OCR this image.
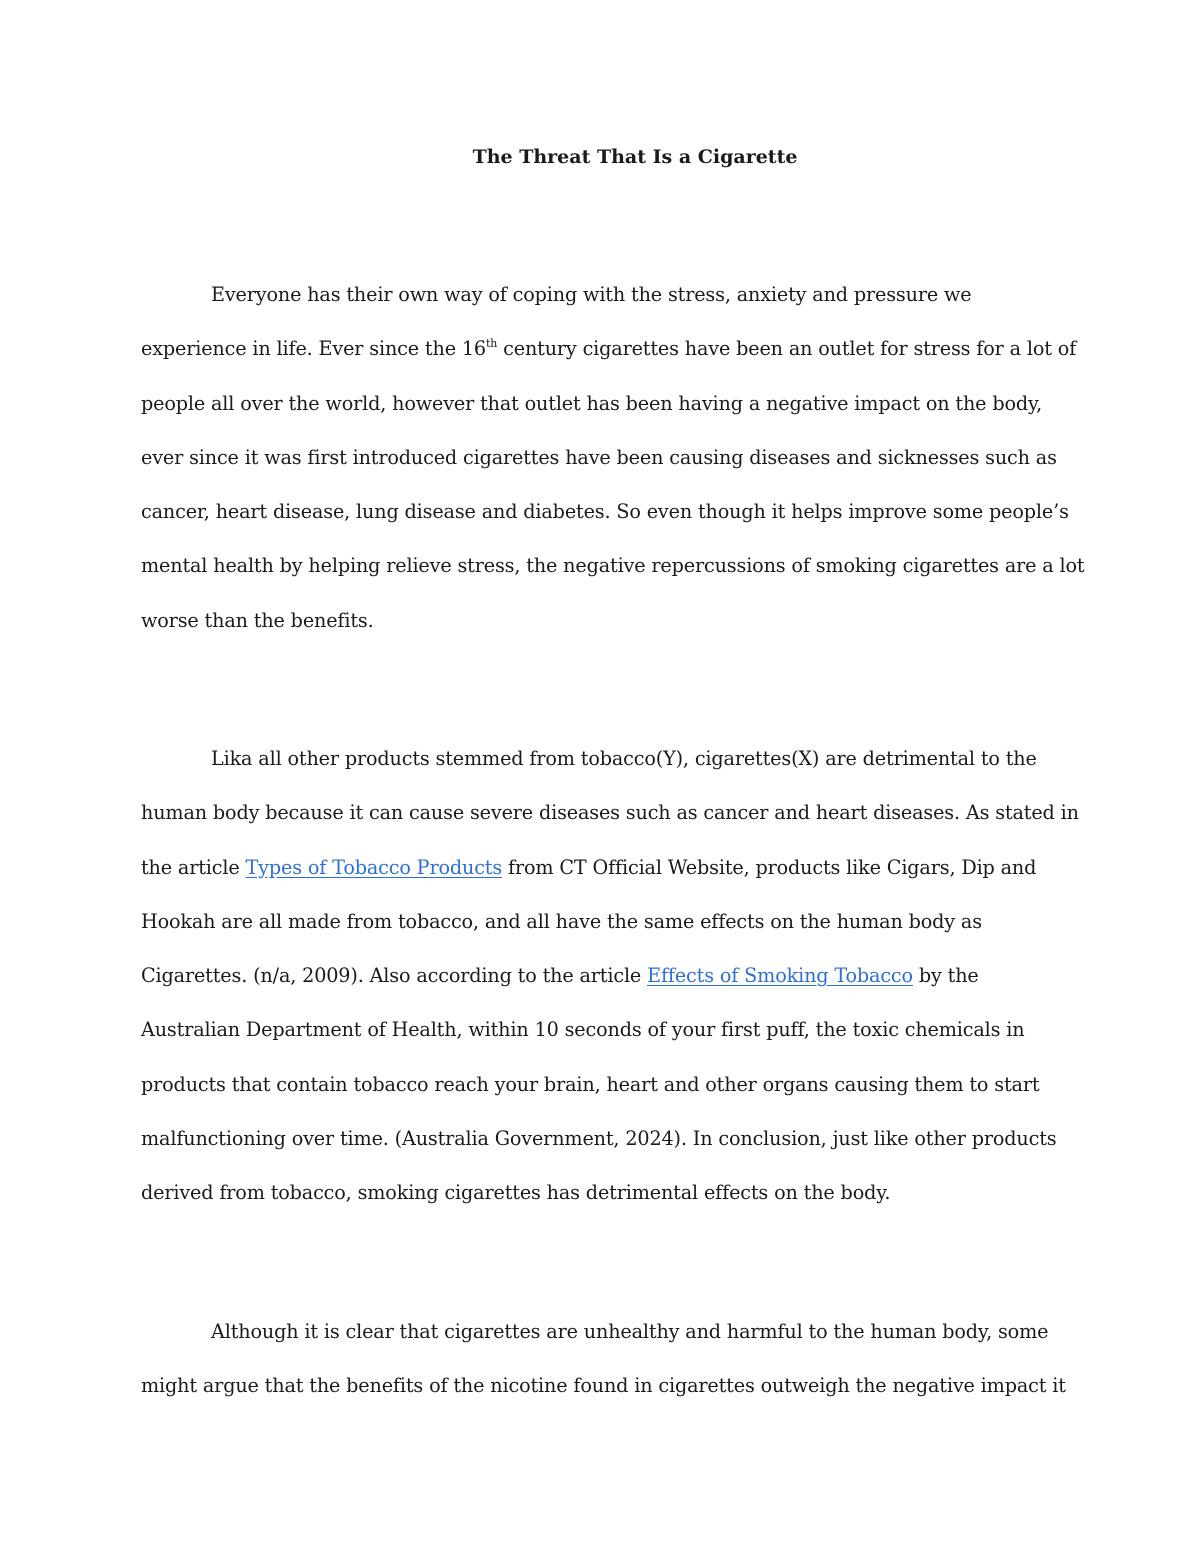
The Threat That Is a Cigarette

Everyone has their own way of coping with the stress, anxiety and pressure we
experience in life. Ever since the 16th century cigarettes have been an outlet for stress for a lot of
people all over the world, however that outlet has been having a negative impact on the body,
ever since it was first introduced cigarettes have been causing diseases and sicknesses such as
cancer, heart disease, lung disease and diabetes. So even though it helps improve some people’s
mental health by helping relieve stress, the negative repercussions of smoking cigarettes are a lot
worse than the benefits.

Lika all other products stemmed from tobacco(Y), cigarettes(X) are detrimental to the
human body because it can cause severe diseases such as cancer and heart diseases. As stated in
the article Types of Tobacco Products from CT Official Website, products like Cigars, Dip and
Hookah are all made from tobacco, and all have the same effects on the human body as
Cigarettes. (n/a, 2009). Also according to the article Effects of Smoking Tobacco by the
Australian Department of Health, within 10 seconds of your first puff, the toxic chemicals in
products that contain tobacco reach your brain, heart and other organs causing them to start
malfunctioning over time. (Australia Government, 2024). In conclusion, just like other products
derived from tobacco, smoking cigarettes has detrimental effects on the body.

Although it is clear that cigarettes are unhealthy and harmful to the human body, some
might argue that the benefits of the nicotine found in cigarettes outweigh the negative impact it
